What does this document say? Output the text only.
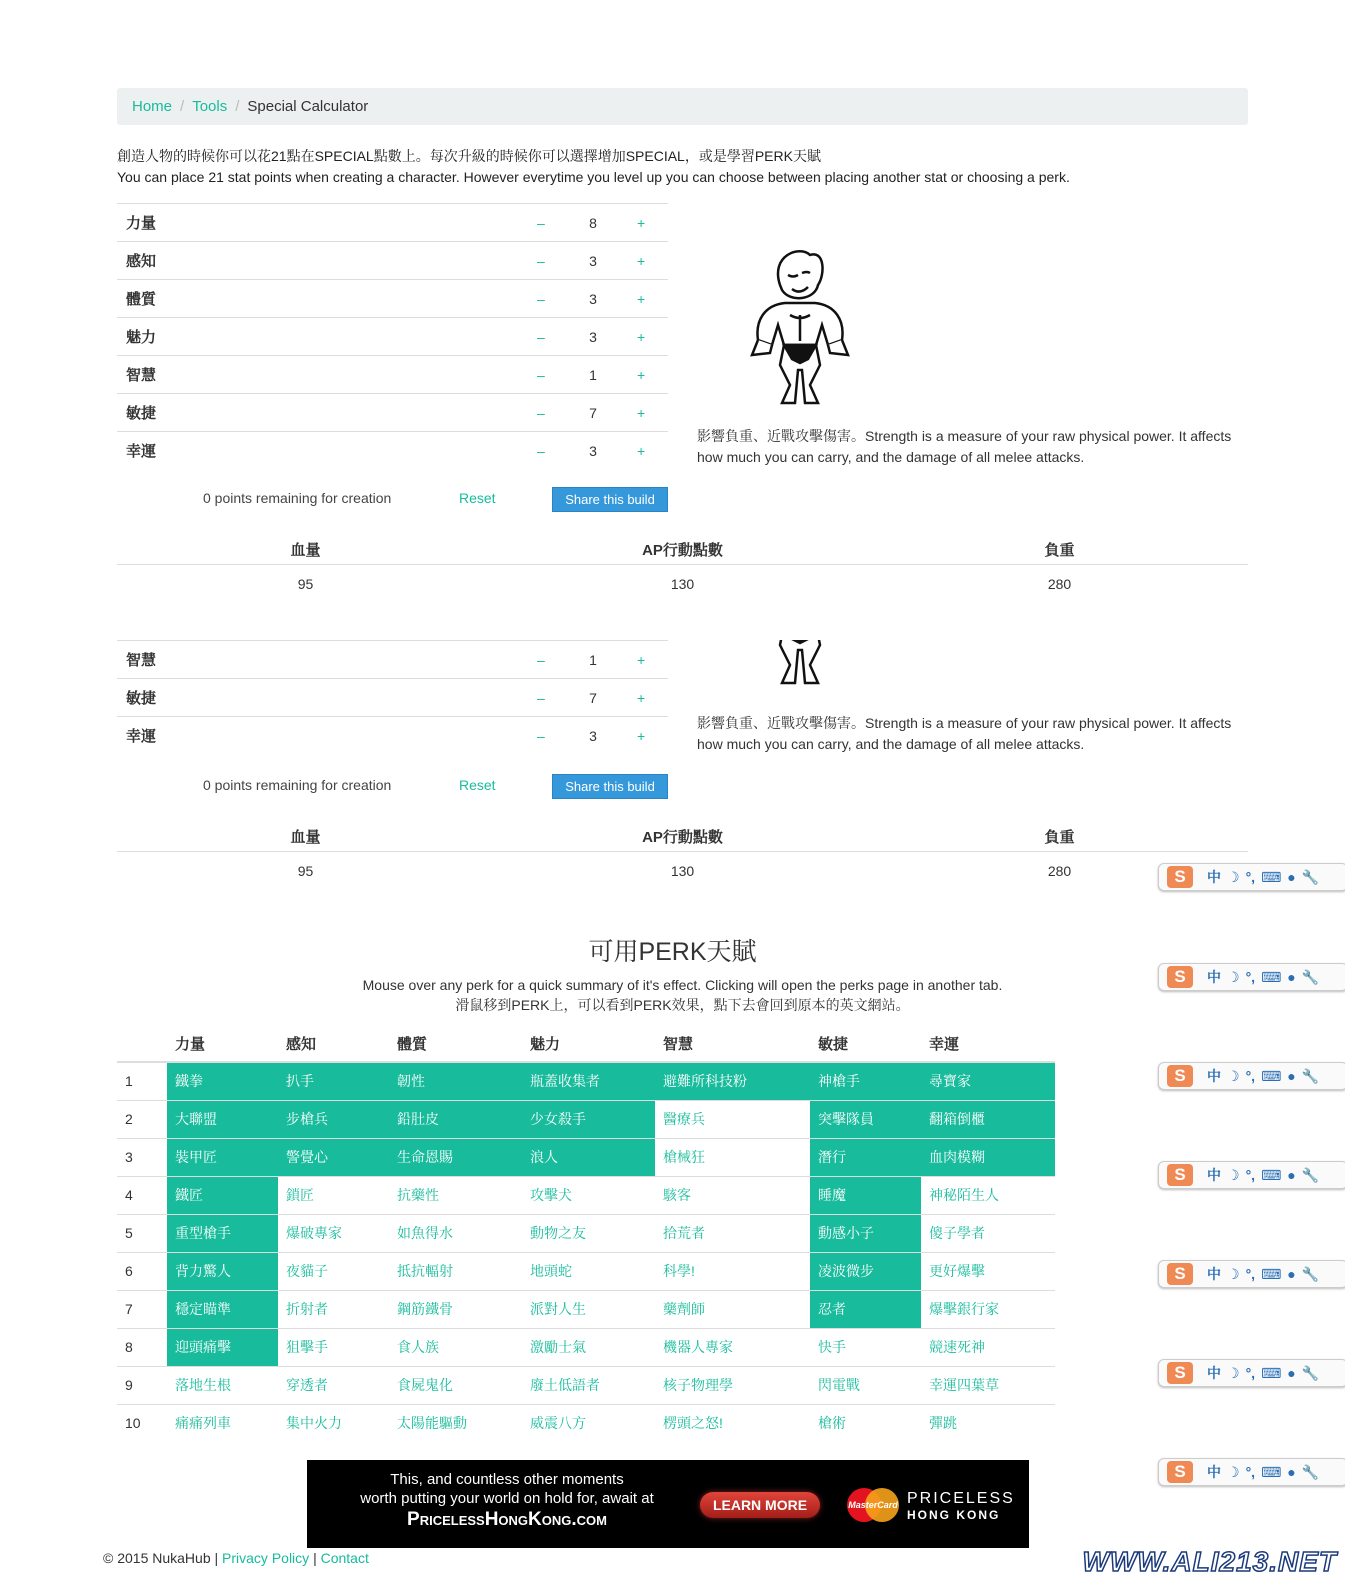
Home / Tools / Special Calculator
創造人物的時候你可以花21點在SPECIAL點數上。每次升級的時候你可以選擇增加SPECIAL，或是學習PERK天賦
You can place 21 stat points when creating a character. However everytime you level up you can choose between placing another stat or choosing a perk.
力量	–	8	+
感知	–	3	+
體質	–	3	+
魅力	–	3	+
智慧	–	1	+
敏捷	–	7	+
幸運	–	3	+
影響負重、近戰攻擊傷害。Strength is a measure of your raw physical power. It affects how much you can carry, and the damage of all melee attacks.
0 points remaining for creation	Reset	Share this build
血量	AP行動點數	負重
95	130	280
智慧	–	1	+
敏捷	–	7	+
幸運	–	3	+
影響負重、近戰攻擊傷害。Strength is a measure of your raw physical power. It affects how much you can carry, and the damage of all melee attacks.
0 points remaining for creation	Reset	Share this build
血量	AP行動點數	負重
95	130	280
可用PERK天賦
Mouse over any perk for a quick summary of it's effect. Clicking will open the perks page in another tab.
滑鼠移到PERK上，可以看到PERK效果，點下去會回到原本的英文網站。
	力量	感知	體質	魅力	智慧	敏捷	幸運
1	鐵拳	扒手	韌性	瓶蓋收集者	避難所科技粉	神槍手	尋寶家
2	大聯盟	步槍兵	鉛肚皮	少女殺手	醫療兵	突擊隊員	翻箱倒櫃
3	裝甲匠	警覺心	生命恩賜	浪人	槍械狂	潛行	血肉模糊
4	鐵匠	鎖匠	抗藥性	攻擊犬	駭客	睡魔	神秘陌生人
5	重型槍手	爆破專家	如魚得水	動物之友	拾荒者	動感小子	傻子學者
6	背力驚人	夜貓子	抵抗輻射	地頭蛇	科學!	凌波微步	更好爆擊
7	穩定瞄準	折射者	鋼筋鐵骨	派對人生	藥劑師	忍者	爆擊銀行家
8	迎頭痛擊	狙擊手	食人族	激勵士氣	機器人專家	快手	競速死神
9	落地生根	穿透者	食屍鬼化	廢土低語者	核子物理學	閃電戰	幸運四葉草
10	痛痛列車	集中火力	太陽能驅動	威震八方	楞頭之怒!	槍術	彈跳
This, and countless other moments
worth putting your world on hold for, await at
PricelessHongKong.com
LEARN MORE	MasterCard PRICELESS
HONG KONG
© 2015 NukaHub | Privacy Policy | Contact
S	中 ☽ °, ⌨ ● 🔧
S	中 ☽ °, ⌨ ● 🔧
S	中 ☽ °, ⌨ ● 🔧
S	中 ☽ °, ⌨ ● 🔧
S	中 ☽ °, ⌨ ● 🔧
S	中 ☽ °, ⌨ ● 🔧
S	中 ☽ °, ⌨ ● 🔧
WWW.ALI213.NET
